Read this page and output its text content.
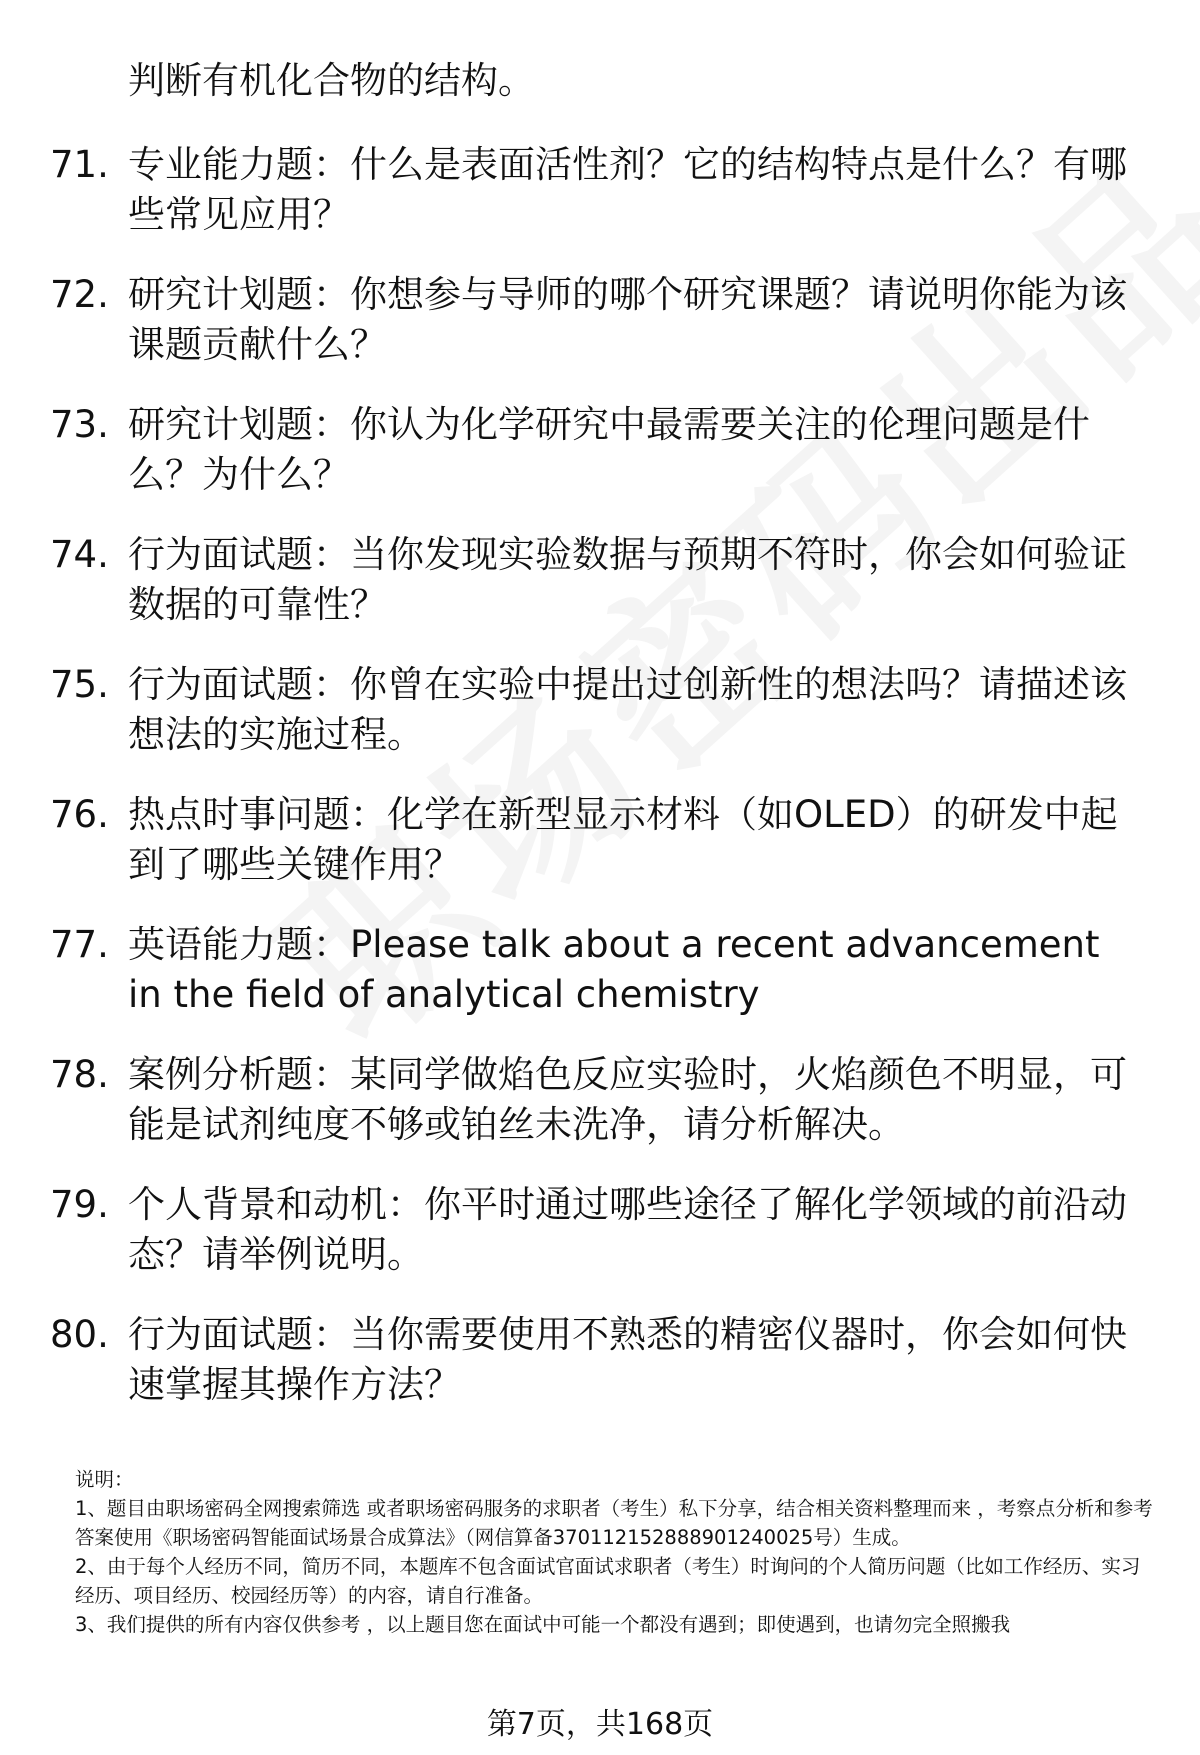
判断有机化合物的结构。
71. 专业能力题：什么是表面活性剂？它的结构特点是什么？有哪些常见应用？
72. 研究计划题：你想参与导师的哪个研究课题？请说明你能为该课题贡献什么？
73. 研究计划题：你认为化学研究中最需要关注的伦理问题是什么？为什么？
74. 行为面试题：当你发现实验数据与预期不符时，你会如何验证数据的可靠性？
75. 行为面试题：你曾在实验中提出过创新性的想法吗？请描述该想法的实施过程。
76. 热点时事问题：化学在新型显示材料（如OLED）的研发中起到了哪些关键作用？
77. 英语能力题：Please talk about a recent advancement in the field of analytical chemistry
78. 案例分析题：某同学做焰色反应实验时，火焰颜色不明显，可能是试剂纯度不够或铂丝未洗净，请分析解决。
79. 个人背景和动机：你平时通过哪些途径了解化学领域的前沿动态？请举例说明。
80. 行为面试题：当你需要使用不熟悉的精密仪器时，你会如何快速掌握其操作方法？

说明：

1、题目由职场密码全网搜索筛选 或者职场密码服务的求职者（考生）私下分享，结合相关资料整理而来 ，考察点分析和参考答案使用《职场密码智能面试场景合成算法》（网信算备370112152888901240025号）生成。

2、由于每个人经历不同，简历不同，本题库不包含面试官面试求职者（考生）时询问的个人简历问题（比如工作经历、实习经历、项目经历、校园经历等）的内容，请自行准备。

3、我们提供的所有内容仅供参考 ，以上题目您在面试中可能一个都没有遇到；即使遇到，也请勿完全照搬我

第7页，共168页
